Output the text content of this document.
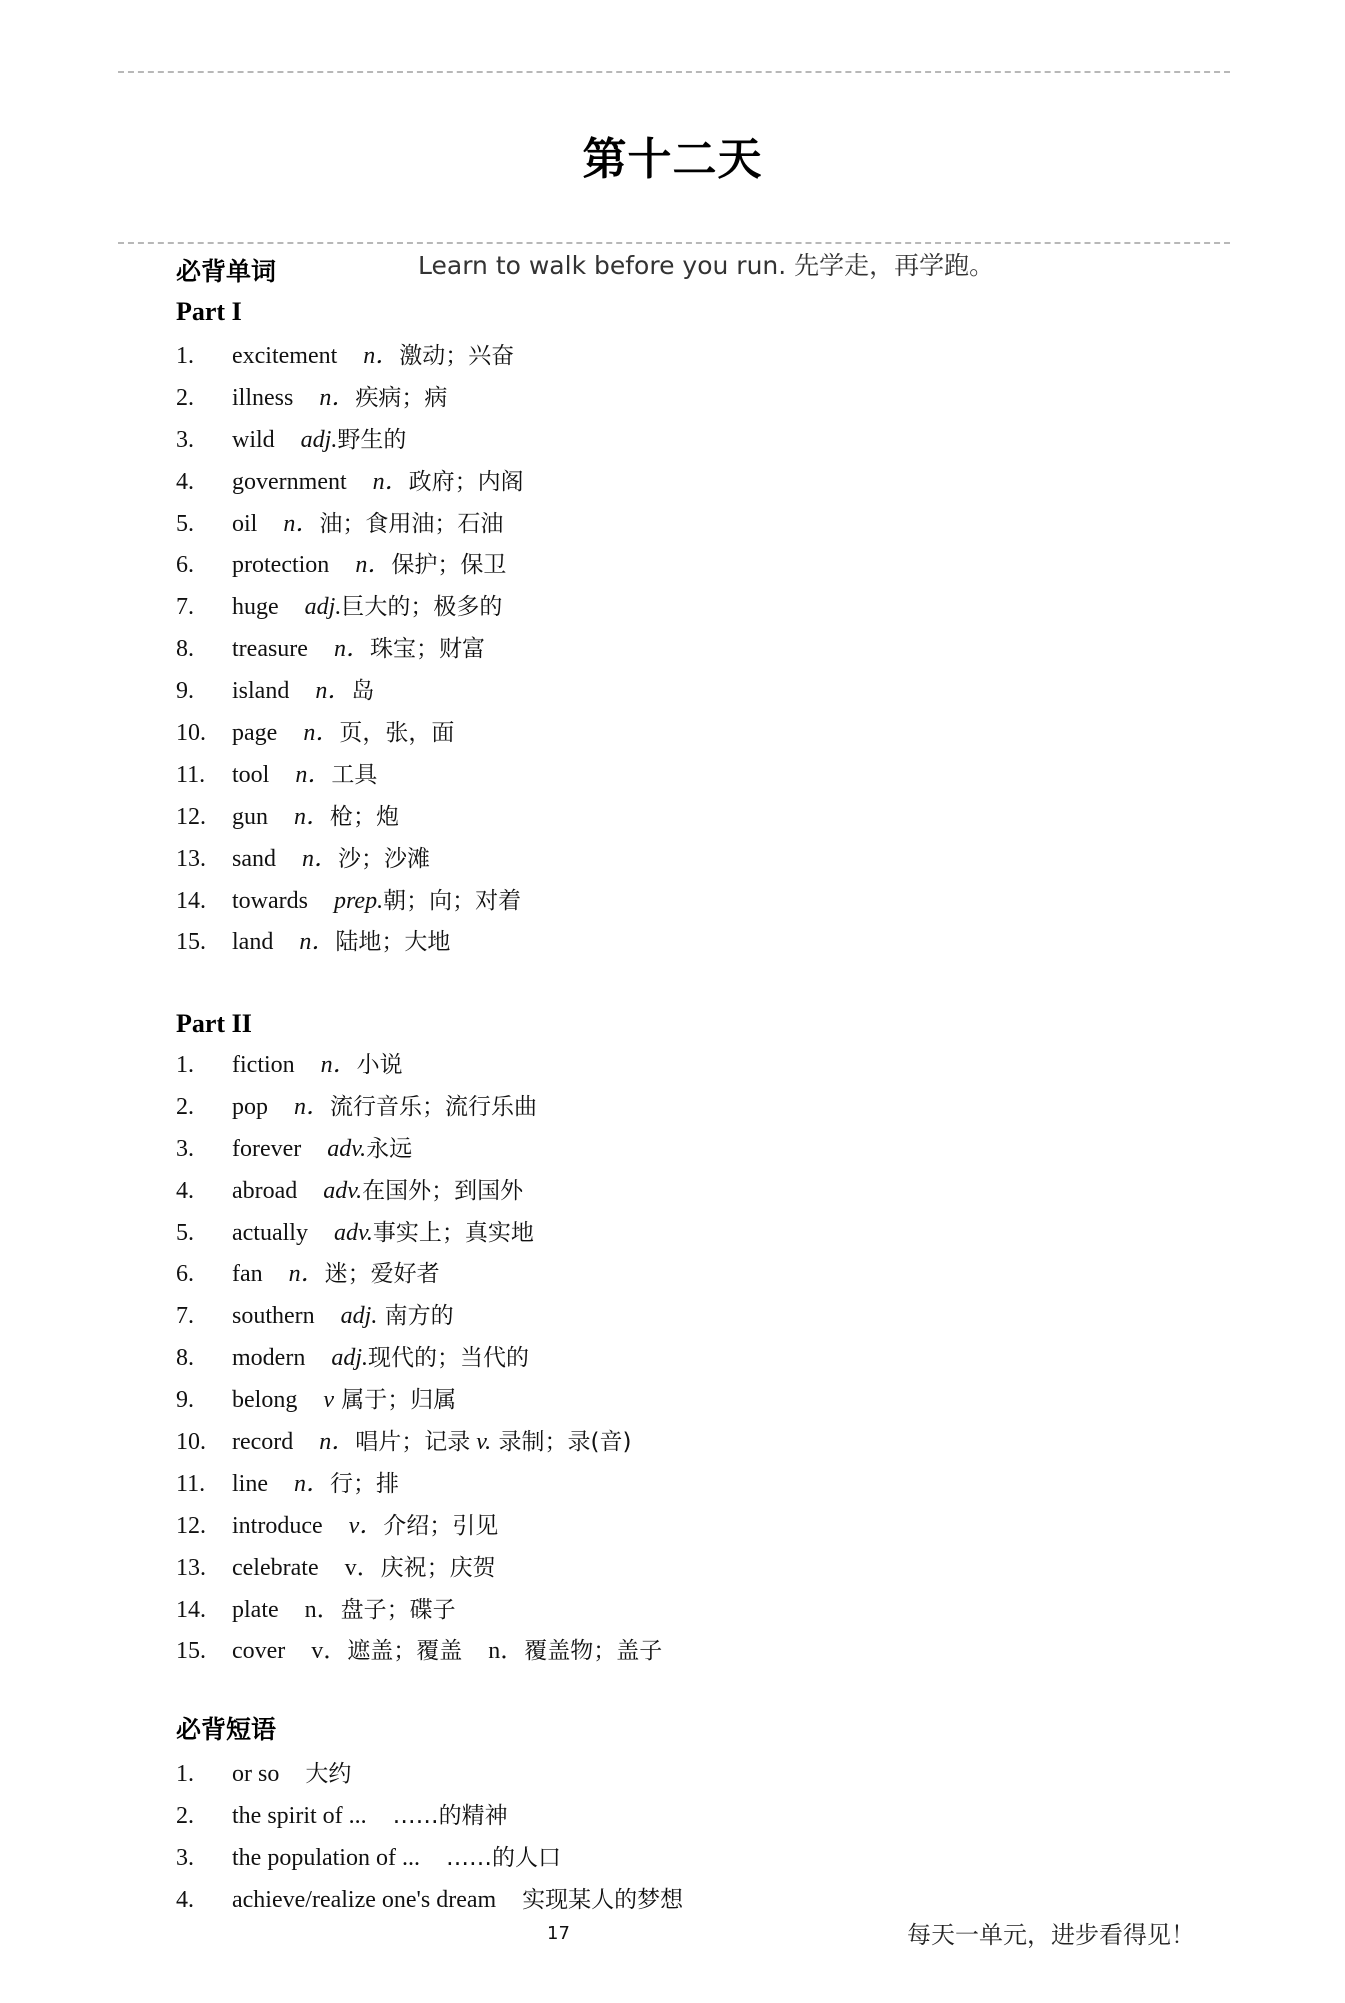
第十二天
必背单词	Learn to walk before you run. 先学走，再学跑。
Part I
1. excitement n．激动；兴奋
2. illness n．疾病；病
3. wild adj.野生的
4. government n．政府；内阁
5. oil n．油；食用油；石油
6. protection n．保护；保卫
7. huge adj.巨大的；极多的
8. treasure n．珠宝；财富
9. island n．岛
10. page n．页，张，面
11. tool n．工具
12. gun n．枪；炮
13. sand n．沙；沙滩
14. towards prep.朝；向；对着
15. land n．陆地；大地
Part II
1. fiction n．小说
2. pop n．流行音乐；流行乐曲
3. forever adv.永远
4. abroad adv.在国外；到国外
5. actually adv.事实上；真实地
6. fan n．迷；爱好者
7. southern adj. 南方的
8. modern adj.现代的；当代的
9. belong v 属于；归属
10. record n．唱片；记录 v. 录制；录(音)
11. line n．行；排
12. introduce v．介绍；引见
13. celebrate v．庆祝；庆贺
14. plate n．盘子；碟子
15. cover v．遮盖；覆盖 n．覆盖物；盖子
必背短语
1. or so 大约
2. the spirit of ... ……的精神
3. the population of ... ……的人口
4. achieve/realize one's dream 实现某人的梦想
17	每天一单元，进步看得见！
